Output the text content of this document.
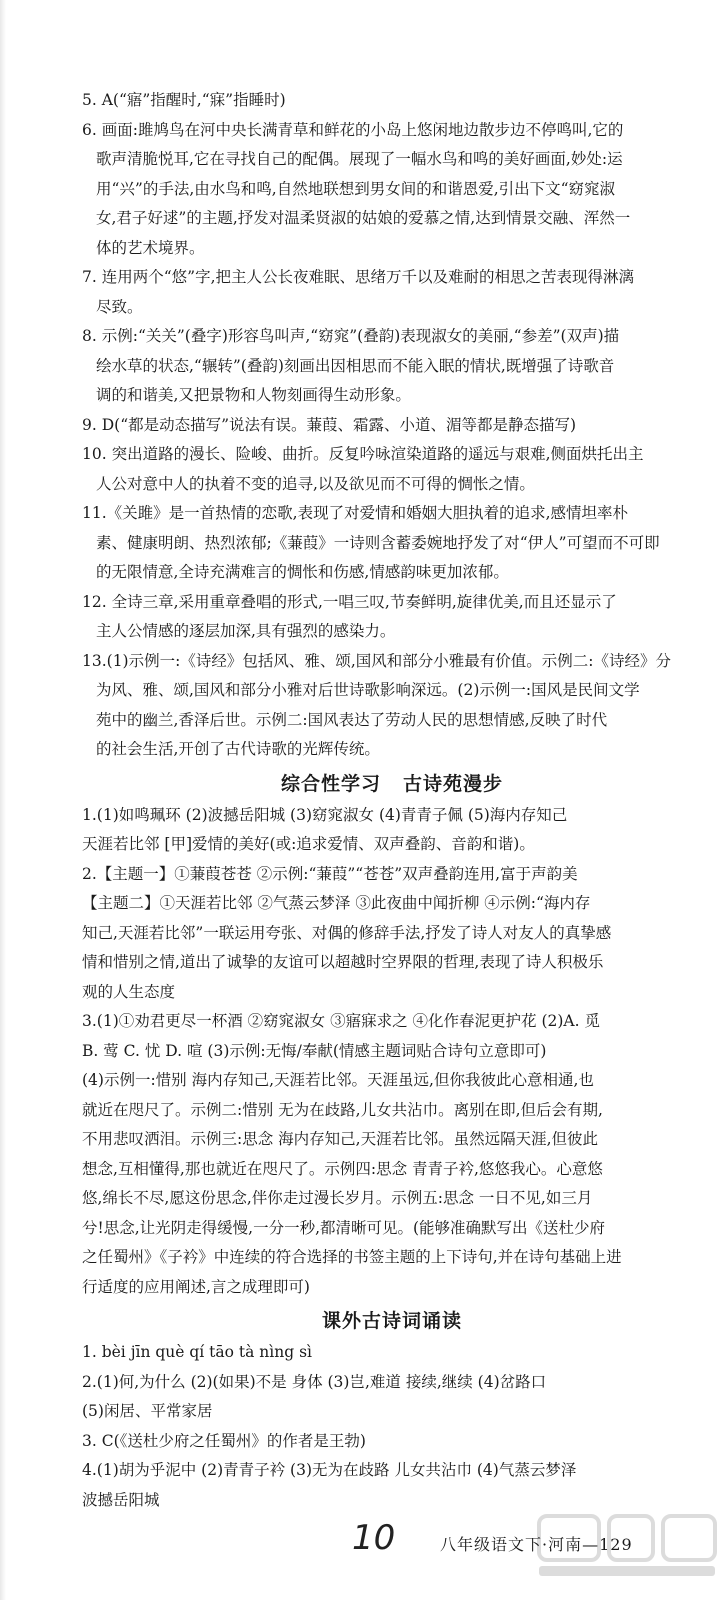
5. A(“寤”指醒时,“寐”指睡时)

6. 画面:雎鸠鸟在河中央长满青草和鲜花的小岛上悠闲地边散步边不停鸣叫,它的
歌声清脆悦耳,它在寻找自己的配偶。展现了一幅水鸟和鸣的美好画面,妙处:运
用“兴”的手法,由水鸟和鸣,自然地联想到男女间的和谐恩爱,引出下文“窈窕淑
女,君子好逑”的主题,抒发对温柔贤淑的姑娘的爱慕之情,达到情景交融、浑然一
体的艺术境界。

7. 连用两个“悠”字,把主人公长夜难眠、思绪万千以及难耐的相思之苦表现得淋漓
尽致。

8. 示例:“关关”(叠字)形容鸟叫声,“窈窕”(叠韵)表现淑女的美丽,“参差”(双声)描
绘水草的状态,“辗转”(叠韵)刻画出因相思而不能入眠的情状,既增强了诗歌音
调的和谐美,又把景物和人物刻画得生动形象。

9. D(“都是动态描写”说法有误。蒹葭、霜露、小道、湄等都是静态描写)

10. 突出道路的漫长、险峻、曲折。反复吟咏渲染道路的遥远与艰难,侧面烘托出主
人公对意中人的执着不变的追寻,以及欲见而不可得的惆怅之情。

11.《关雎》是一首热情的恋歌,表现了对爱情和婚姻大胆执着的追求,感情坦率朴
素、健康明朗、热烈浓郁;《蒹葭》一诗则含蓄委婉地抒发了对“伊人”可望而不可即
的无限情意,全诗充满难言的惆怅和伤感,情感韵味更加浓郁。

12. 全诗三章,采用重章叠唱的形式,一唱三叹,节奏鲜明,旋律优美,而且还显示了
主人公情感的逐层加深,具有强烈的感染力。

13.(1)示例一:《诗经》包括风、雅、颂,国风和部分小雅最有价值。示例二:《诗经》分
为风、雅、颂,国风和部分小雅对后世诗歌影响深远。(2)示例一:国风是民间文学
苑中的幽兰,香泽后世。示例二:国风表达了劳动人民的思想情感,反映了时代
的社会生活,开创了古代诗歌的光辉传统。

综合性学习 古诗苑漫步

1.(1)如鸣珮环 (2)波撼岳阳城 (3)窈窕淑女 (4)青青子佩 (5)海内存知己
天涯若比邻 [甲]爱情的美好(或:追求爱情、双声叠韵、音韵和谐)。

2.【主题一】①蒹葭苍苍 ②示例:“蒹葭”“苍苍”双声叠韵连用,富于声韵美
【主题二】①天涯若比邻 ②气蒸云梦泽 ③此夜曲中闻折柳 ④示例:“海内存
知己,天涯若比邻”一联运用夸张、对偶的修辞手法,抒发了诗人对友人的真挚感
情和惜别之情,道出了诚挚的友谊可以超越时空界限的哲理,表现了诗人积极乐
观的人生态度

3.(1)①劝君更尽一杯酒 ②窈窕淑女 ③寤寐求之 ④化作春泥更护花 (2)A. 觅
B. 莺 C. 忧 D. 喧 (3)示例:无悔/奉献(情感主题词贴合诗句立意即可)
(4)示例一:惜别 海内存知己,天涯若比邻。天涯虽远,但你我彼此心意相通,也
就近在咫尺了。示例二:惜别 无为在歧路,儿女共沾巾。离别在即,但后会有期,
不用悲叹洒泪。示例三:思念 海内存知己,天涯若比邻。虽然远隔天涯,但彼此
想念,互相懂得,那也就近在咫尺了。示例四:思念 青青子衿,悠悠我心。心意悠
悠,绵长不尽,愿这份思念,伴你走过漫长岁月。示例五:思念 一日不见,如三月
兮!思念,让光阴走得缓慢,一分一秒,都清晰可见。(能够准确默写出《送杜少府
之任蜀州》《子衿》中连续的符合选择的书签主题的上下诗句,并在诗句基础上进
行适度的应用阐述,言之成理即可)

课外古诗词诵读

1. bèi jīn què qí tāo tà nìng sì

2.(1)何,为什么 (2)(如果)不是 身体 (3)岂,难道 接续,继续 (4)岔路口
(5)闲居、平常家居

3. C(《送杜少府之任蜀州》的作者是王勃)

4.(1)胡为乎泥中 (2)青青子衿 (3)无为在歧路 儿女共沾巾 (4)气蒸云梦泽
波撼岳阳城

10	八年级语文下·河南—129
